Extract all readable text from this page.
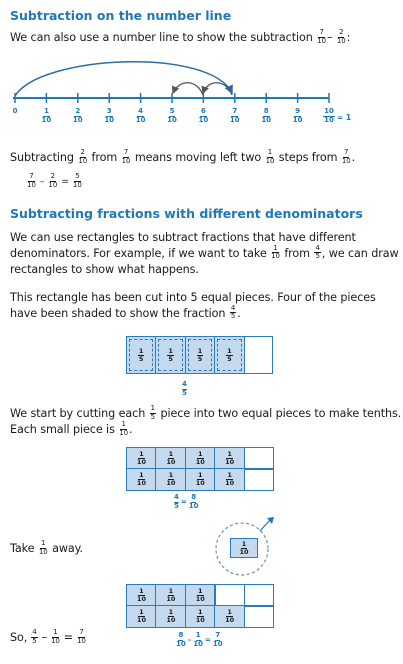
Subtraction on the number line
We can also use a number line to show the subtraction $\frac{7}{10} - \frac{2}{10}$ :
0	1
10
2
10
3
10
4
10
5
10
6
10
7
10
8
10
9
10
10
10 = 1
Subtracting $\frac{2}{10}$ from $\frac{7}{10}$ means moving left two $\frac{1}{10}$ steps from $\frac{7}{10}$ .
7
$10 - \frac{2}{10} = \frac{5}{10}$
Subtracting fractions with different denominators
We can use rectangles to subtract fractions that have different
denominators. For example, if we want to take $\frac{1}{10}$ from $\frac{4}{5}$ , we can draw
rectangles to show what happens.
This rectangle has been cut into 5 equal pieces. Four of the pieces
have been shaded to show the fraction $\frac{4}{5}$ .
1
5
1
5
1
5
1
5
4
5
We start by cutting each $\frac{1}{5}$ piece into two equal pieces to make tenths.
Each small piece is $\frac{1}{10}$ .
1
10
1
10
1
10
1
10
1
10
1
10
1
10
1
10
$\frac{4}{5} = \frac{8}{10}$
Take $\frac{1}{10}$ away.	1
10
1
10
1
10
1
10
1
10
1
10
1
10
1
10
So, 4
$5 - \frac{1}{10} = \frac{7}{10}$	8
$10 - \frac{1}{10} = \frac{7}{10}$
